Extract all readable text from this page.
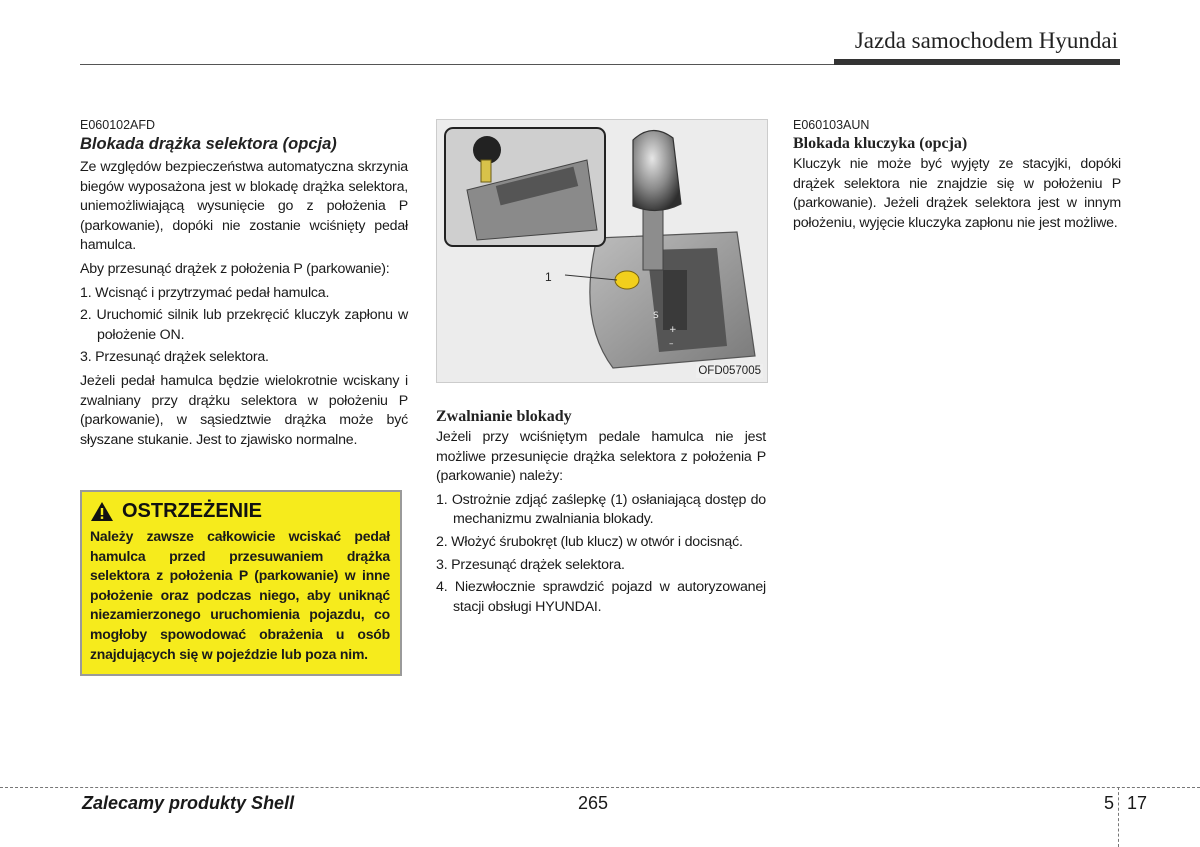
Jazda samochodem Hyundai
E060102AFD
Blokada drążka selektora (opcja)

Ze względów bezpieczeństwa automatyczna skrzynia biegów wyposażona jest w blokadę drążka selektora, uniemożliwiającą wysunięcie go z położenia P (parkowanie), dopóki nie zostanie wciśnięty pedał hamulca.

Aby przesunąć drążek z położenia P (parkowanie):

1. Wcisnąć i przytrzymać pedał hamulca.
2. Uruchomić silnik lub przekręcić kluczyk zapłonu w położenie ON.
3. Przesunąć drążek selektora.

Jeżeli pedał hamulca będzie wielokrotnie wciskany i zwalniany przy drążku selektora w położeniu P (parkowanie), w sąsiedztwie drążka może być słyszane stukanie. Jest to zjawisko normalne.

OSTRZEŻENIE
Należy zawsze całkowicie wciskać pedał hamulca przed przesuwaniem drążka selektora z położenia P (parkowanie) w inne położenie oraz podczas niego, aby uniknąć niezamierzonego uruchomienia pojazdu, co mogłoby spowodować obrażenia u osób znajdujących się w pojeździe lub poza nim.
S
+
–
1
OFD057005
Zwalnianie blokady

Jeżeli przy wciśniętym pedale hamulca nie jest możliwe przesunięcie drążka selektora z położenia P (parkowanie) należy:

1. Ostrożnie zdjąć zaślepkę (1) osłaniającą dostęp do mechanizmu zwalniania blokady.
2. Włożyć śrubokręt (lub klucz) w otwór i docisnąć.
3. Przesunąć drążek selektora.
4. Niezwłocznie sprawdzić pojazd w autoryzowanej stacji obsługi HYUNDAI.
E060103AUN
Blokada kluczyka (opcja)

Kluczyk nie może być wyjęty ze stacyjki, dopóki drążek selektora nie znajdzie się w położeniu P (parkowanie). Jeżeli drążek selektora jest w innym położeniu, wyjęcie kluczyka zapłonu nie jest możliwe.

Zalecamy produkty Shell	265	5 17
